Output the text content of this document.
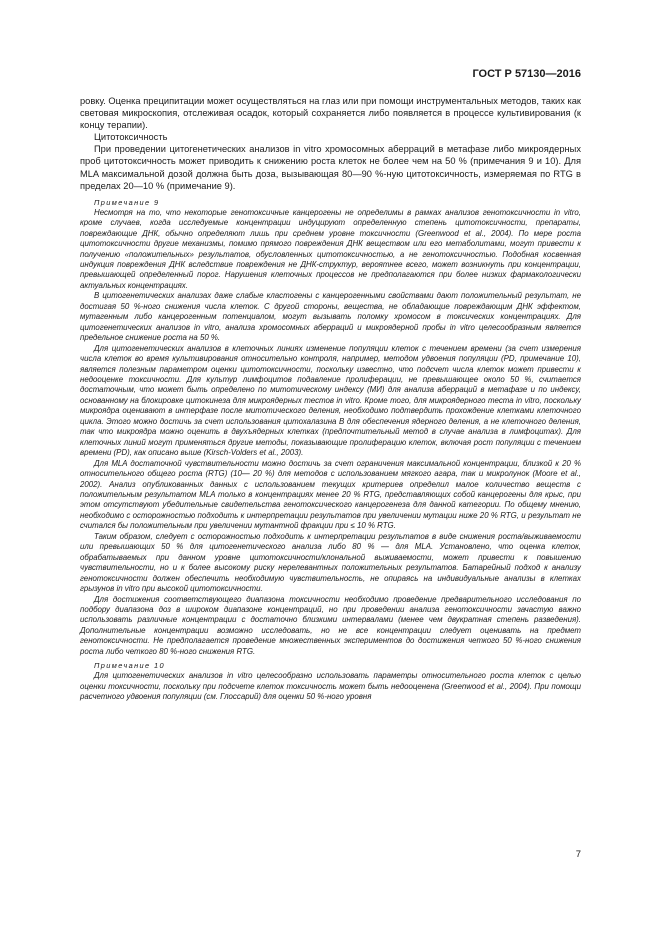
ГОСТ Р 57130—2016

ровку. Оценка преципитации может осуществляться на глаз или при помощи инструментальных методов, таких как световая микроскопия, отслеживая осадок, который сохраняется либо появляется в процессе культивирования (к концу терапии).

Цитотоксичность

При проведении цитогенетических анализов in vitro хромосомных аберраций в метафазе либо микроядерных проб цитотоксичность может приводить к снижению роста клеток не более чем на 50 % (примечания 9 и 10). Для MLA максимальной дозой должна быть доза, вызывающая 80—90 %-ную цитотоксичность, измеряемая по RTG в пределах 20—10 % (примечание 9).

Примечание 9

Несмотря на то, что некоторые генотоксичные канцерогены не определимы в рамках анализов генотоксичности in vitro, кроме случаев, когда исследуемые концентрации индуцируют определенную степень цитотоксичности, препараты, повреждающие ДНК, обычно определяют лишь при среднем уровне токсичности (Greenwood et al., 2004). По мере роста цитотоксичности другие механизмы, помимо прямого повреждения ДНК веществом или его метаболитами, могут привести к получению «положительных» результатов, обусловленных цитотоксичностью, а не генотоксичностью. Подобная косвенная индукция повреждения ДНК вследствие повреждения не ДНК-структур, вероятнее всего, может возникнуть при концентрации, превышающей определенный порог. Нарушения клеточных процессов не предполагаются при более низких фармакологически актуальных концентрациях.

В цитогенетических анализах даже слабые кластогены с канцерогенными свойствами дают положительный результат, не достигая 50 %-ного снижения числа клеток. С другой стороны, вещества, не обладающие повреждающим ДНК эффектом, мутагенным либо канцерогенным потенциалом, могут вызывать поломку хромосом в токсических концентрациях. Для цитогенетических анализов in vitro, анализа хромосомных аберраций и микроядерной пробы in vitro целесообразным является предельное снижение роста на 50 %.

Для цитогенетических анализов в клеточных линиях изменение популяции клеток с течением времени (за счет измерения числа клеток во время культивирования относительно контроля, например, методом удвоения популяции (PD, примечание 10), является полезным параметром оценки цитотоксичности, поскольку известно, что подсчет числа клеток может привести к недооценке токсичности. Для культур лимфоцитов подавление пролиферации, не превышающее около 50 %, считается достаточным, что может быть определено по митотическому индексу (МИ) для анализа аберраций в метафазе и по индексу, основанному на блокировке цитокинеза для микроядерных тестов in vitro. Кроме того, для микроядерного теста in vitro, поскольку микроядра оценивают в интерфазе после митотического деления, необходимо подтвердить прохождение клетками клеточного цикла. Этого можно достичь за счет использования цитохалазина B для обеспечения ядерного деления, а не клеточного деления, так что микроядра можно оценить в двухъядерных клетках (предпочтительный метод в случае анализа в лимфоцитах). Для клеточных линий могут применяться другие методы, показывающие пролиферацию клеток, включая рост популяции с течением времени (PD), как описано выше (Kirsch-Volders et al., 2003).

Для MLA достаточной чувствительности можно достичь за счет ограничения максимальной концентрации, близкой к 20 % относительного общего роста (RTG) (10— 20 %) для методов с использованием мягкого агара, так и микролунок (Moore et al., 2002). Анализ опубликованных данных с использованием текущих критериев определил малое количество веществ с положительным результатом MLA только в концентрациях менее 20 % RTG, представляющих собой канцерогены для крыс, при этом отсутствуют убедительные свидетельства генотоксического канцерогенеза для данной категории. По общему мнению, необходимо с осторожностью подходить к интерпретации результатов при увеличении мутации ниже 20 % RTG, и результат не считался бы положительным при увеличении мутантной фракции при ≤ 10 % RTG.

Таким образом, следует с осторожностью подходить к интерпретации результатов в виде снижения роста/выживаемости или превышающих 50 % для цитогенетического анализа либо 80 % — для MLA. Установлено, что оценка клеток, обрабатываемых при данном уровне цитотоксичности/клональной выживаемости, может привести к повышению чувствительности, но и к более высокому риску нерелевантных положительных результатов. Батарейный подход к анализу генотоксичности должен обеспечить необходимую чувствительность, не опираясь на индивидуальные анализы в клетках грызунов in vitro при высокой цитотоксичности.

Для достижения соответствующего диапазона токсичности необходимо проведение предварительного исследования по подбору диапазона доз в широком диапазоне концентраций, но при проведении анализа генотоксичности зачастую важно использовать различные концентрации с достаточно близкими интервалами (менее чем двукратная степень разведения). Дополнительные концентрации возможно исследовать, но не все концентрации следует оценивать на предмет генотоксичности. Не предполагается проведение множественных экспериментов до достижения четкого 50 %-ного снижения роста либо четкого 80 %-ного снижения RTG.

Примечание 10

Для цитогенетических анализов in vitro целесообразно использовать параметры относительного роста клеток с целью оценки токсичности, поскольку при подсчете клеток токсичность может быть недооценена (Greenwood et al., 2004). При помощи расчетного удвоения популяции (см. Глоссарий) для оценки 50 %-ного уровня

7
